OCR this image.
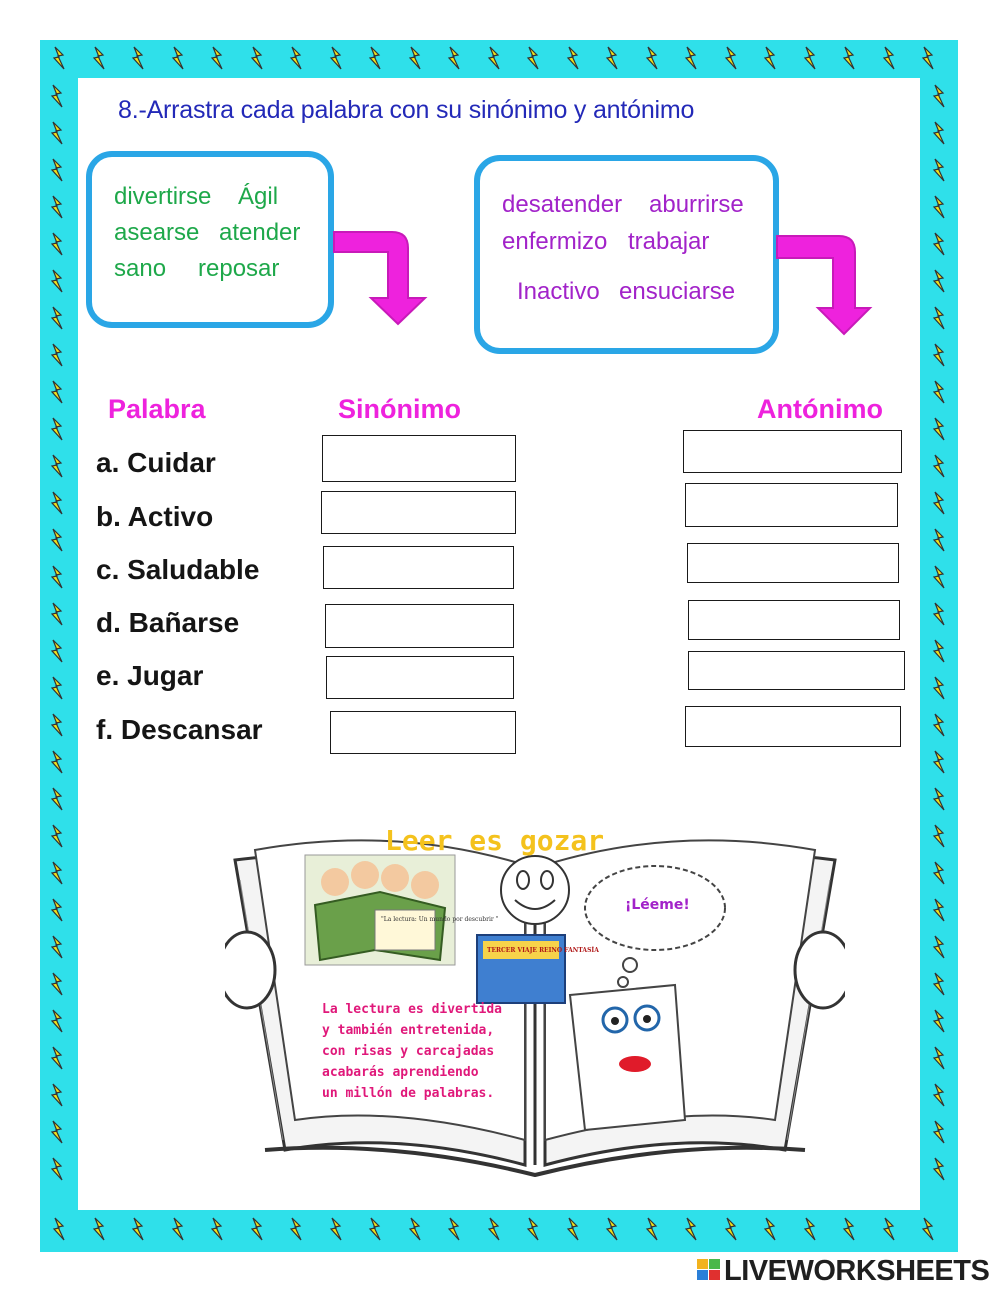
8.-Arrastra cada palabra con su sinónimo y antónimo
divertirse Ágil
asearse atender
sano reposar
desatender aburrirse
enfermizo trabajar
Inactivo ensuciarse
Palabra	Sinónimo	Antónimo
a. Cuidar
b. Activo
c. Saludable
d. Bañarse
e. Jugar
f. Descansar
Leer es gozar
¡Léeme!
"La lectura: Un mundo por descubrir "
TERCER VIAJE REINO FANTASÍA
La lectura es divertida
y también entretenida,
con risas y carcajadas
acabarás aprendiendo
un millón de palabras.
LIVEWORKSHEETS
